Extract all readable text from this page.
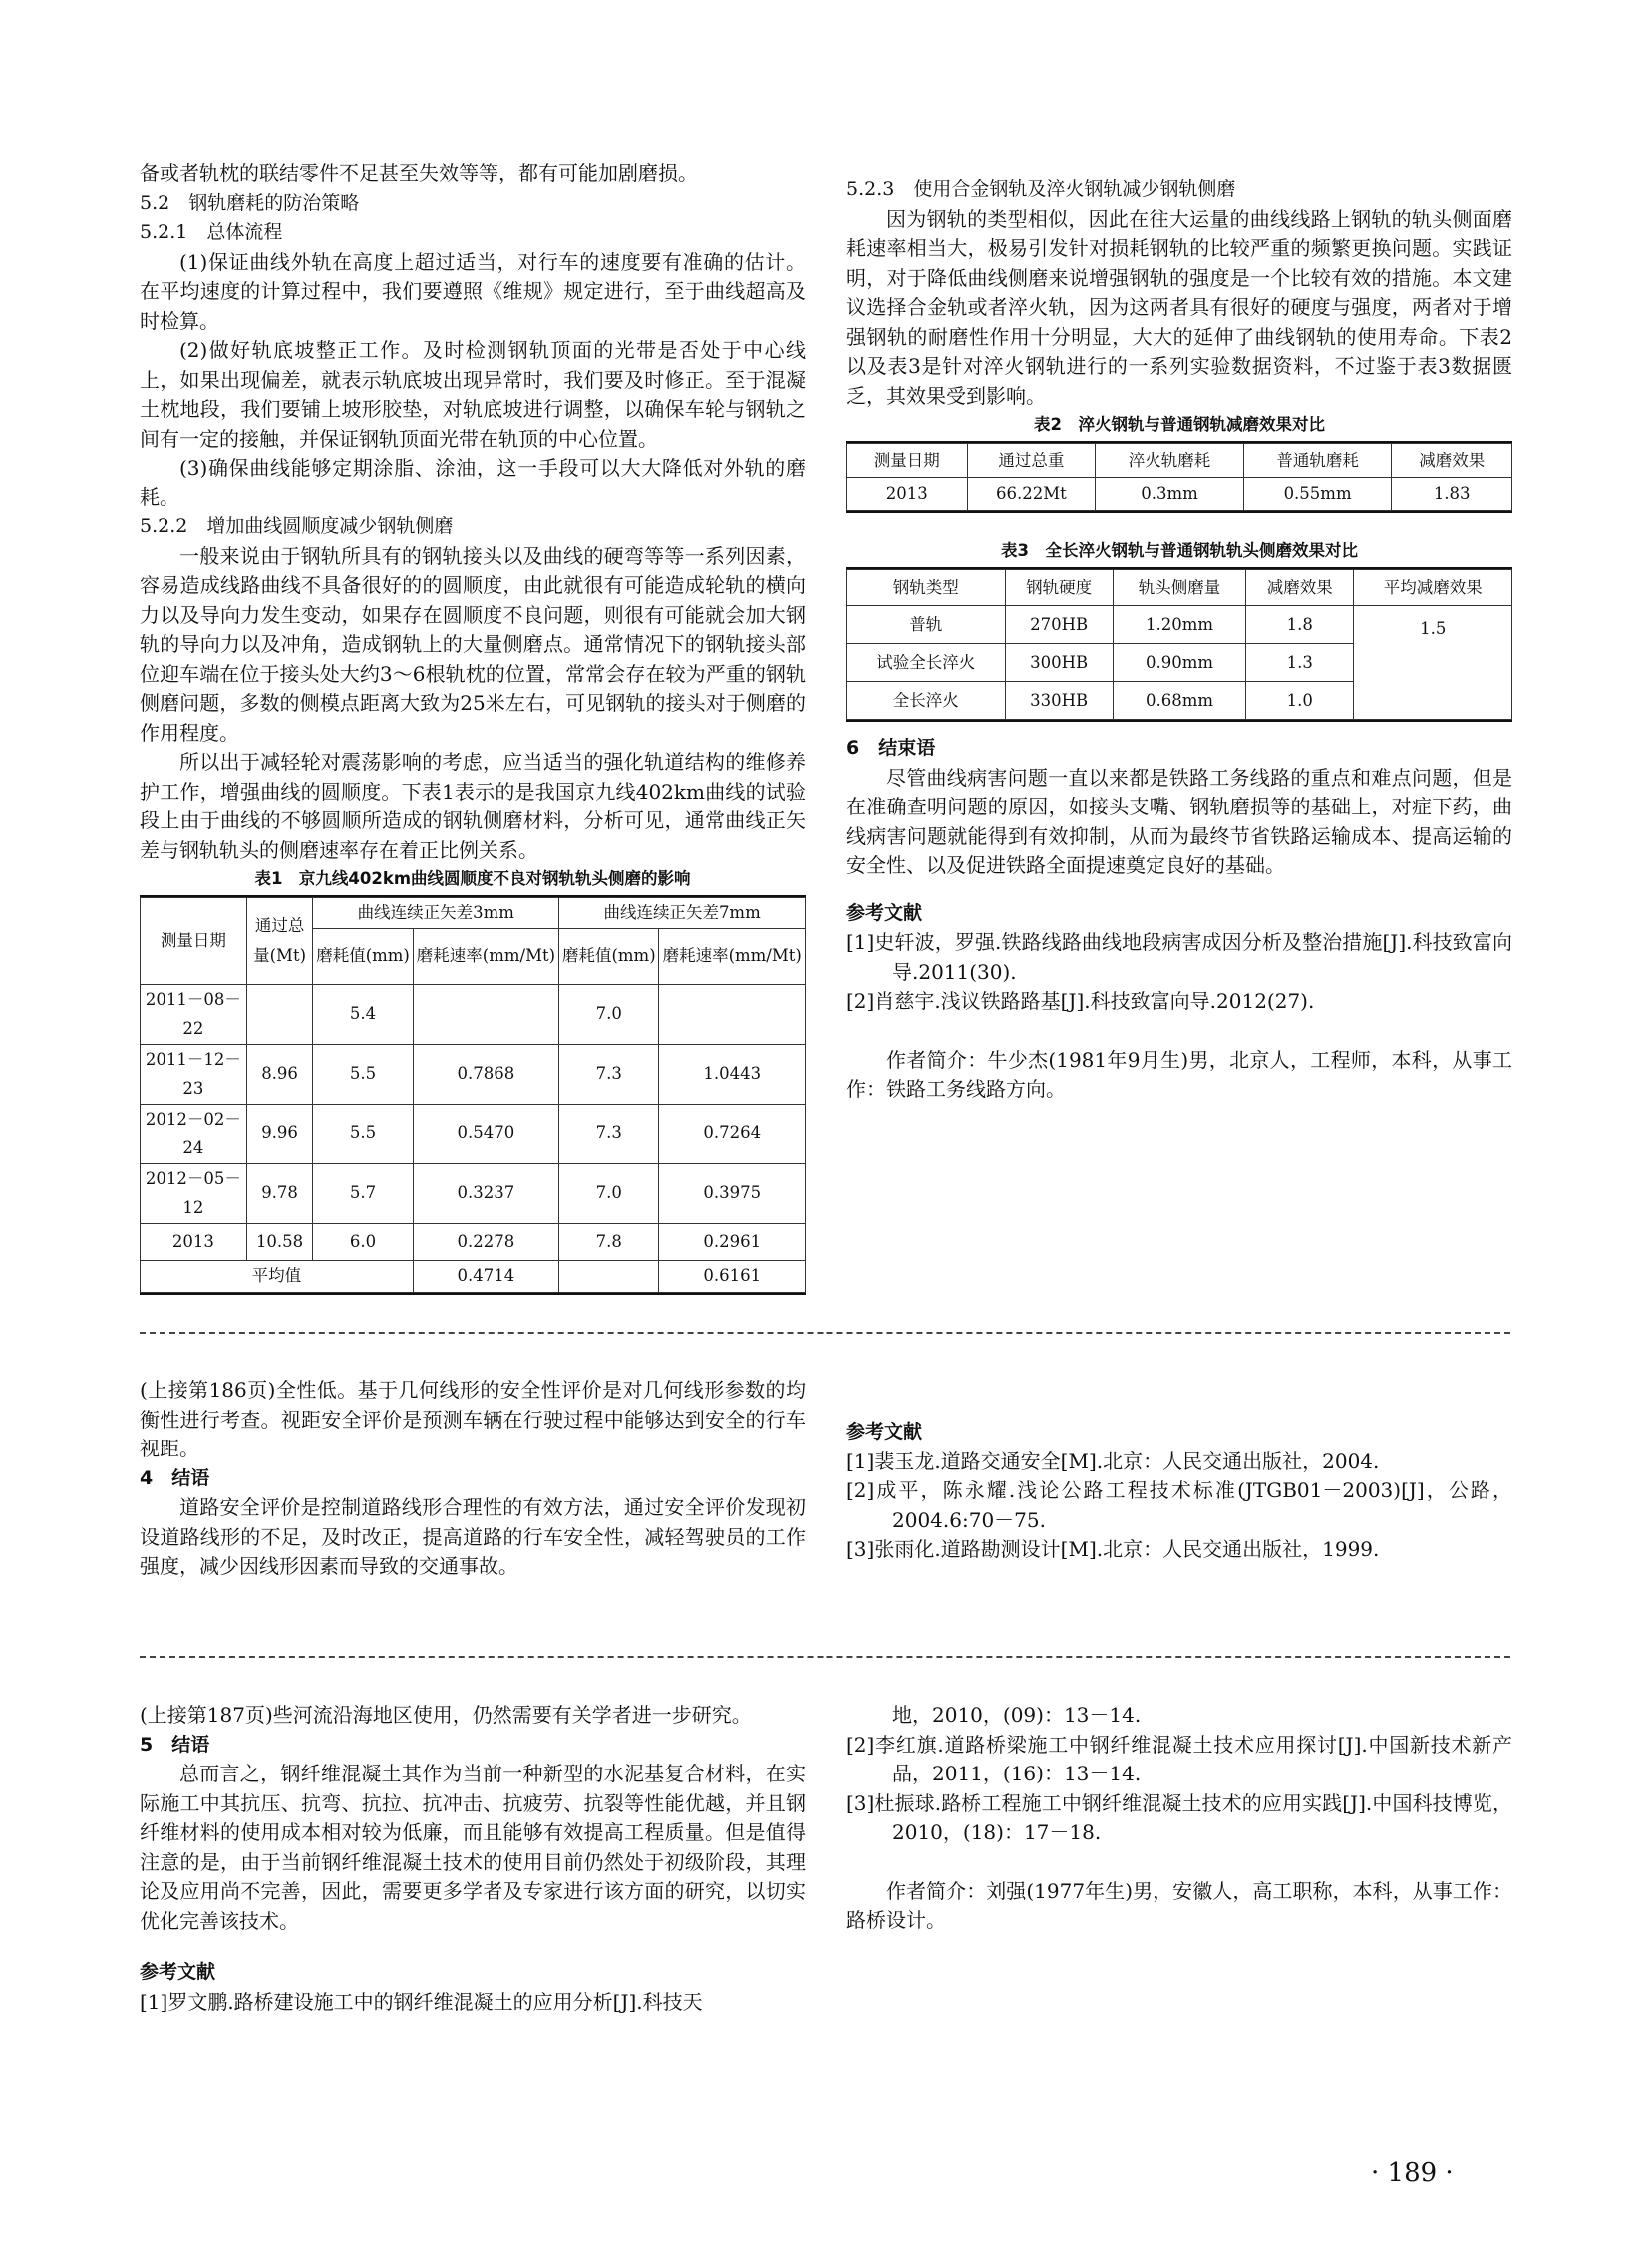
备或者轨枕的联结零件不足甚至失效等等，都有可能加剧磨损。

5.2　钢轨磨耗的防治策略

5.2.1　总体流程

(1)保证曲线外轨在高度上超过适当，对行车的速度要有准确的估计。在平均速度的计算过程中，我们要遵照《维规》规定进行，至于曲线超高及时检算。

(2)做好轨底坡整正工作。及时检测钢轨顶面的光带是否处于中心线上，如果出现偏差，就表示轨底坡出现异常时，我们要及时修正。至于混凝土枕地段，我们要铺上坡形胶垫，对轨底坡进行调整，以确保车轮与钢轨之间有一定的接触，并保证钢轨顶面光带在轨顶的中心位置。

(3)确保曲线能够定期涂脂、涂油，这一手段可以大大降低对外轨的磨耗。

5.2.2　增加曲线圆顺度减少钢轨侧磨

一般来说由于钢轨所具有的钢轨接头以及曲线的硬弯等等一系列因素，容易造成线路曲线不具备很好的的圆顺度，由此就很有可能造成轮轨的横向力以及导向力发生变动，如果存在圆顺度不良问题，则很有可能就会加大钢轨的导向力以及冲角，造成钢轨上的大量侧磨点。通常情况下的钢轨接头部位迎车端在位于接头处大约3～6根轨枕的位置，常常会存在较为严重的钢轨侧磨问题，多数的侧模点距离大致为25米左右，可见钢轨的接头对于侧磨的作用程度。

所以出于减轻轮对震荡影响的考虑，应当适当的强化轨道结构的维修养护工作，增强曲线的圆顺度。下表1表示的是我国京九线402km曲线的试验段上由于曲线的不够圆顺所造成的钢轨侧磨材料，分析可见，通常曲线正矢差与钢轨轨头的侧磨速率存在着正比例关系。

表1　京九线402km曲线圆顺度不良对钢轨轨头侧磨的影响
测量日期	通过总量(Mt)	曲线连续正矢差3mm		曲线连续正矢差7mm	
		磨耗值(mm)	磨耗速率(mm/Mt)	磨耗值(mm)	磨耗速率(mm/Mt)
2011－08－22		5.4		7.0	
2011－12－23	8.96	5.5	0.7868	7.3	1.0443
2012－02－24	9.96	5.5	0.5470	7.3	0.7264
2012－05－12	9.78	5.7	0.3237	7.0	0.3975
2013	10.58	6.0	0.2278	7.8	0.2961
平均值			0.4714		0.6161

5.2.3　使用合金钢轨及淬火钢轨减少钢轨侧磨

因为钢轨的类型相似，因此在往大运量的曲线线路上钢轨的轨头侧面磨耗速率相当大，极易引发针对损耗钢轨的比较严重的频繁更换问题。实践证明，对于降低曲线侧磨来说增强钢轨的强度是一个比较有效的措施。本文建议选择合金轨或者淬火轨，因为这两者具有很好的硬度与强度，两者对于增强钢轨的耐磨性作用十分明显，大大的延伸了曲线钢轨的使用寿命。下表2以及表3是针对淬火钢轨进行的一系列实验数据资料，不过鉴于表3数据匮乏，其效果受到影响。

表2　淬火钢轨与普通钢轨减磨效果对比
测量日期	通过总重	淬火轨磨耗	普通轨磨耗	减磨效果
2013	66.22Mt	0.3mm	0.55mm	1.83
表3　全长淬火钢轨与普通钢轨轨头侧磨效果对比
钢轨类型	钢轨硬度	轨头侧磨量	减磨效果	平均减磨效果
普轨	270HB	1.20mm	1.8	1.5
试验全长淬火	300HB	0.90mm	1.3	
全长淬火	330HB	0.68mm	1.0	

6　结束语

尽管曲线病害问题一直以来都是铁路工务线路的重点和难点问题，但是在准确查明问题的原因，如接头支嘴、钢轨磨损等的基础上，对症下药，曲线病害问题就能得到有效抑制，从而为最终节省铁路运输成本、提高运输的安全性、以及促进铁路全面提速奠定良好的基础。

参考文献

[1]史轩波，罗强.铁路线路曲线地段病害成因分析及整治措施[J].科技致富向导.2011(30).

[2]肖慈宇.浅议铁路路基[J].科技致富向导.2012(27).

作者简介：牛少杰(1981年9月生)男，北京人，工程师，本科，从事工作：铁路工务线路方向。

(上接第186页)全性低。基于几何线形的安全性评价是对几何线形参数的均衡性进行考查。视距安全评价是预测车辆在行驶过程中能够达到安全的行车视距。

4　结语

道路安全评价是控制道路线形合理性的有效方法，通过安全评价发现初设道路线形的不足，及时改正，提高道路的行车安全性，减轻驾驶员的工作强度，减少因线形因素而导致的交通事故。

参考文献

[1]裴玉龙.道路交通安全[M].北京：人民交通出版社，2004.

[2]成平，陈永耀.浅论公路工程技术标准(JTGB01－2003)[J]，公路，2004.6:70－75.

[3]张雨化.道路勘测设计[M].北京：人民交通出版社，1999.

(上接第187页)些河流沿海地区使用，仍然需要有关学者进一步研究。

5　结语

总而言之，钢纤维混凝土其作为当前一种新型的水泥基复合材料，在实际施工中其抗压、抗弯、抗拉、抗冲击、抗疲劳、抗裂等性能优越，并且钢纤维材料的使用成本相对较为低廉，而且能够有效提高工程质量。但是值得注意的是，由于当前钢纤维混凝土技术的使用目前仍然处于初级阶段，其理论及应用尚不完善，因此，需要更多学者及专家进行该方面的研究，以切实优化完善该技术。

参考文献

[1]罗文鹏.路桥建设施工中的钢纤维混凝土的应用分析[J].科技天

地，2010，(09)：13－14.

[2]李红旗.道路桥梁施工中钢纤维混凝土技术应用探讨[J].中国新技术新产品，2011，(16)：13－14.

[3]杜振球.路桥工程施工中钢纤维混凝土技术的应用实践[J].中国科技博览，2010，(18)：17－18.

作者简介：刘强(1977年生)男，安徽人，高工职称，本科，从事工作：路桥设计。

· 189 ·
